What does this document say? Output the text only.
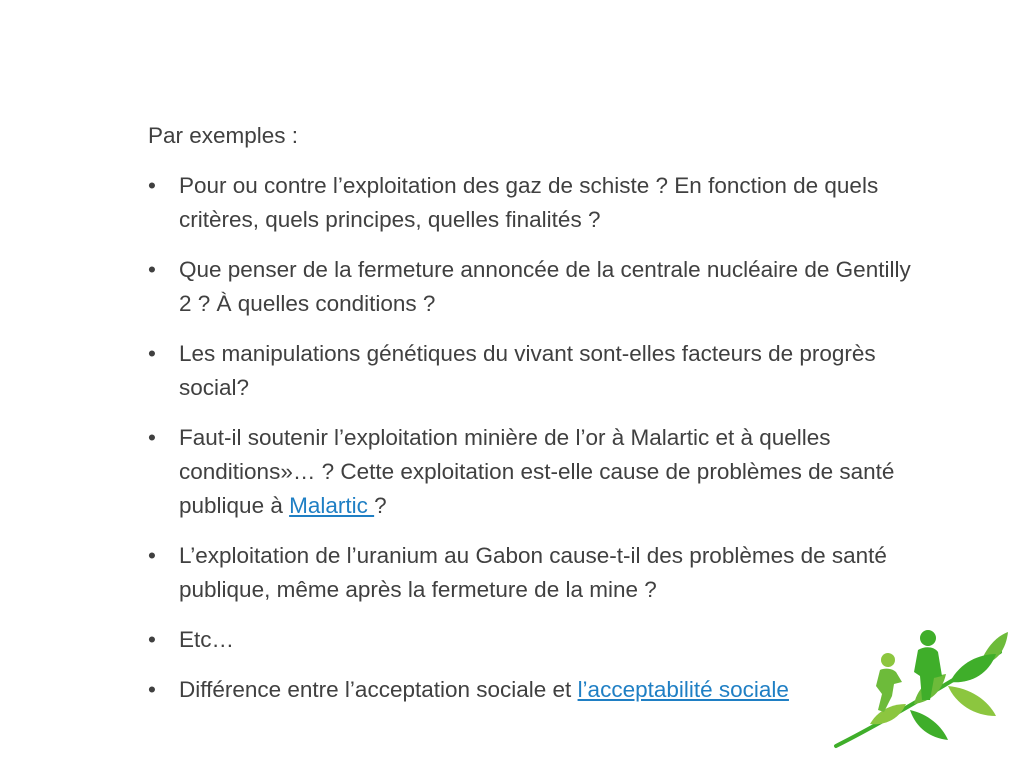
Par exemples :

• Pour ou contre l’exploitation des gaz de schiste ? En fonction de quels critères, quels principes, quelles finalités ?
• Que penser de la fermeture annoncée de la centrale nucléaire de Gentilly 2 ? À quelles conditions ?
• Les manipulations génétiques du vivant sont-elles facteurs de progrès social?
• Faut-il soutenir l’exploitation minière de l’or à Malartic et à quelles conditions»… ? Cette exploitation est-elle cause de problèmes de santé publique à Malartic ?
• L’exploitation de l’uranium au Gabon cause-t-il des problèmes de santé publique, même après la fermeture de la mine ?
• Etc…
• Différence entre l’acceptation sociale et l’acceptabilité sociale
